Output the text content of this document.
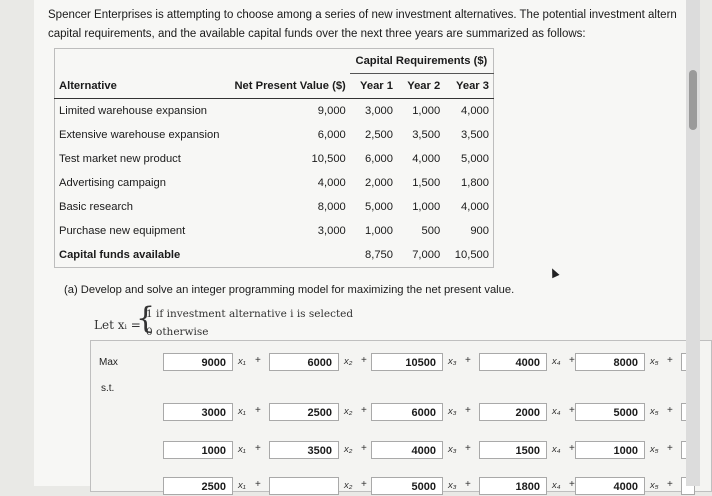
Spencer Enterprises is attempting to choose among a series of new investment alternatives. The potential investment altern
capital requirements, and the available capital funds over the next three years are summarized as follows:
		Capital Requirements ($)		
Alternative	Net Present Value ($)	Year 1	Year 2	Year 3
Limited warehouse expansion	9,000	3,000	1,000	4,000
Extensive warehouse expansion	6,000	2,500	3,500	3,500
Test market new product	10,500	6,000	4,000	5,000
Advertising campaign	4,000	2,000	1,500	1,800
Basic research	8,000	5,000	1,000	4,000
Purchase new equipment	3,000	1,000	500	900
Capital funds available		8,750	7,000	10,500
(a) Develop and solve an integer programming model for maximizing the net present value.
Let xᵢ =
{
1 if investment alternative i is selected
0 otherwise
Max
s.t.
9000	x₁ +	6000	x₂ +	10500	x₃ +	4000	x₄ +	8000	x₅ +
3000	x₁ +	2500	x₂ +	6000	x₃ +	2000	x₄ +	5000	x₅ +
1000	x₁ +	3500	x₂ +	4000	x₃ +	1500	x₄ +	1000	x₅ +
2500	x₁ +	x₂ +	5000	x₃ +	1800	x₄ +	4000	x₅ +
